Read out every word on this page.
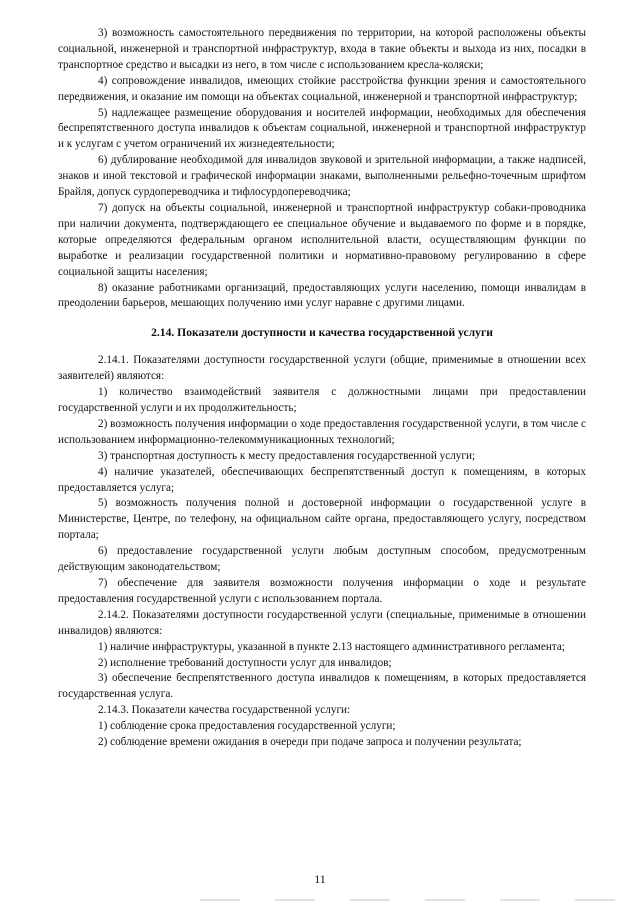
3) возможность самостоятельного передвижения по территории, на которой расположены объекты социальной, инженерной и транспортной инфраструктур, входа в такие объекты и выхода из них, посадки в транспортное средство и высадки из него, в том числе с использованием кресла-коляски;

4) сопровождение инвалидов, имеющих стойкие расстройства функции зрения и самостоятельного передвижения, и оказание им помощи на объектах социальной, инженерной и транспортной инфраструктур;

5) надлежащее размещение оборудования и носителей информации, необходимых для обеспечения беспрепятственного доступа инвалидов к объектам социальной, инженерной и транспортной инфраструктур и к услугам с учетом ограничений их жизнедеятельности;

6) дублирование необходимой для инвалидов звуковой и зрительной информации, а также надписей, знаков и иной текстовой и графической информации знаками, выполненными рельефно-точечным шрифтом Брайля, допуск сурдопереводчика и тифлосурдопереводчика;

7) допуск на объекты социальной, инженерной и транспортной инфраструктур собаки-проводника при наличии документа, подтверждающего ее специальное обучение и выдаваемого по форме и в порядке, которые определяются федеральным органом исполнительной власти, осуществляющим функции по выработке и реализации государственной политики и нормативно-правовому регулированию в сфере социальной защиты населения;

8) оказание работниками организаций, предоставляющих услуги населению, помощи инвалидам в преодолении барьеров, мешающих получению ими услуг наравне с другими лицами.

2.14. Показатели доступности и качества государственной услуги

2.14.1. Показателями доступности государственной услуги (общие, применимые в отношении всех заявителей) являются:

1) количество взаимодействий заявителя с должностными лицами при предоставлении государственной услуги и их продолжительность;

2) возможность получения информации о ходе предоставления государственной услуги, в том числе с использованием информационно-телекоммуникационных технологий;

3) транспортная доступность к месту предоставления государственной услуги;

4) наличие указателей, обеспечивающих беспрепятственный доступ к помещениям, в которых предоставляется услуга;

5) возможность получения полной и достоверной информации о государственной услуге в Министерстве, Центре, по телефону, на официальном сайте органа, предоставляющего услугу, посредством портала;

6) предоставление государственной услуги любым доступным способом, предусмотренным действующим законодательством;

7) обеспечение для заявителя возможности получения информации о ходе и результате предоставления государственной услуги с использованием портала.

2.14.2. Показателями доступности государственной услуги (специальные, применимые в отношении инвалидов) являются:

1) наличие инфраструктуры, указанной в пункте 2.13 настоящего административного регламента;

2) исполнение требований доступности услуг для инвалидов;

3) обеспечение беспрепятственного доступа инвалидов к помещениям, в которых предоставляется государственная услуга.

2.14.3. Показатели качества государственной услуги:

1) соблюдение срока предоставления государственной услуги;

2) соблюдение времени ожидания в очереди при подаче запроса и получении результата;

11
